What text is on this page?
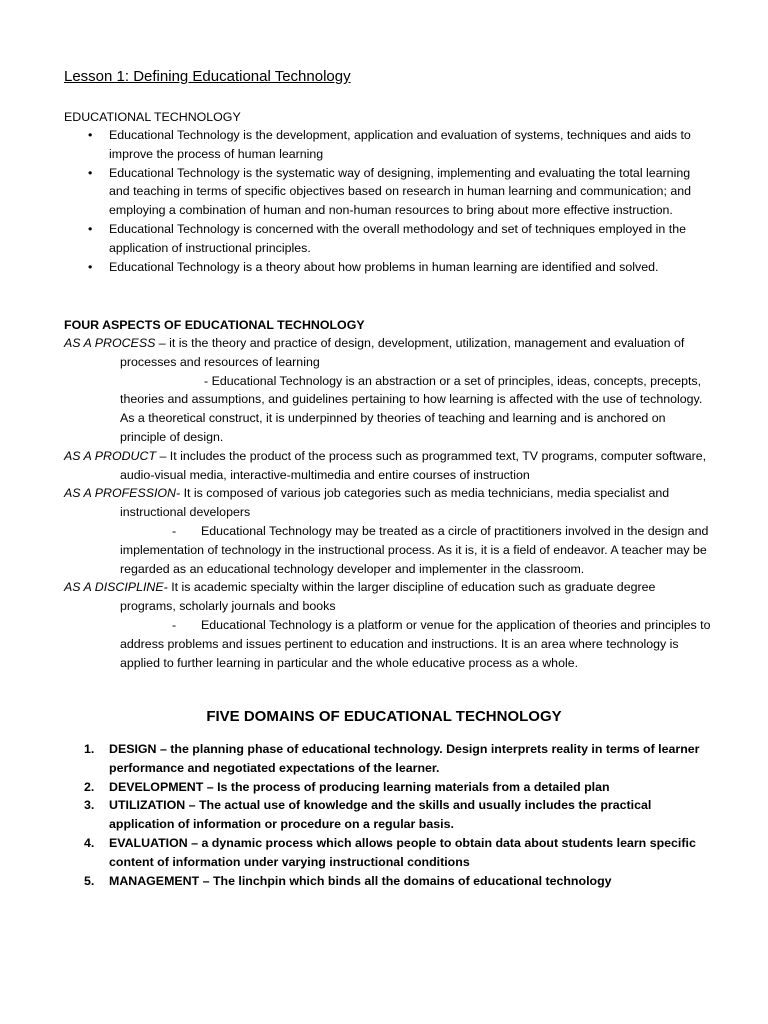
Lesson 1: Defining Educational Technology
EDUCATIONAL TECHNOLOGY
• Educational Technology is the development, application and evaluation of systems, techniques and aids to improve the process of human learning
• Educational Technology is the systematic way of designing, implementing and evaluating the total learning and teaching in terms of specific objectives based on research in human learning and communication; and employing a combination of human and non-human resources to bring about more effective instruction.
• Educational Technology is concerned with the overall methodology and set of techniques employed in the application of instructional principles.
• Educational Technology is a theory about how problems in human learning are identified and solved.
FOUR ASPECTS OF EDUCATIONAL TECHNOLOGY
AS A PROCESS – it is the theory and practice of design, development, utilization, management and evaluation of processes and resources of learning
- Educational Technology is an abstraction or a set of principles, ideas, concepts, precepts, theories and assumptions, and guidelines pertaining to how learning is affected with the use of technology. As a theoretical construct, it is underpinned by theories of teaching and learning and is anchored on principle of design.
AS A PRODUCT – It includes the product of the process such as programmed text, TV programs, computer software, audio-visual media, interactive-multimedia and entire courses of instruction
AS A PROFESSION- It is composed of various job categories such as media technicians, media specialist and instructional developers
- Educational Technology may be treated as a circle of practitioners involved in the design and implementation of technology in the instructional process. As it is, it is a field of endeavor. A teacher may be regarded as an educational technology developer and implementer in the classroom.
AS A DISCIPLINE- It is academic specialty within the larger discipline of education such as graduate degree programs, scholarly journals and books
- Educational Technology is a platform or venue for the application of theories and principles to address problems and issues pertinent to education and instructions. It is an area where technology is applied to further learning in particular and the whole educative process as a whole.
FIVE DOMAINS OF EDUCATIONAL TECHNOLOGY
1. DESIGN – the planning phase of educational technology. Design interprets reality in terms of learner performance and negotiated expectations of the learner.
2. DEVELOPMENT – Is the process of producing learning materials from a detailed plan
3. UTILIZATION – The actual use of knowledge and the skills and usually includes the practical application of information or procedure on a regular basis.
4. EVALUATION – a dynamic process which allows people to obtain data about students learn specific content of information under varying instructional conditions
5. MANAGEMENT – The linchpin which binds all the domains of educational technology
